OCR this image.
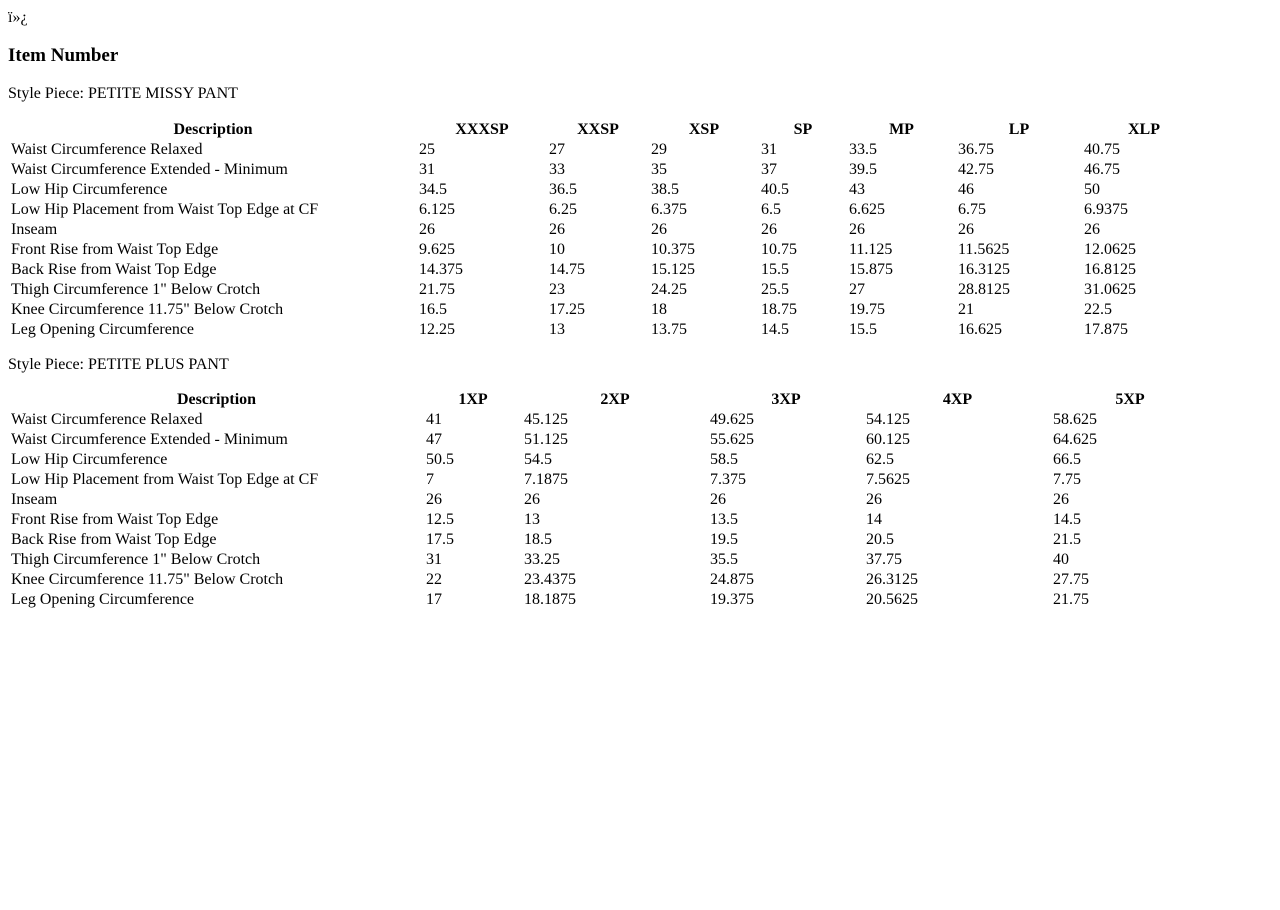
ï»¿
Item Number

Style Piece: PETITE MISSY PANT

Description	XXXSP	XXSP	XSP	SP	MP	LP	XLP
Waist Circumference Relaxed	25	27	29	31	33.5	36.75	40.75
Waist Circumference Extended - Minimum	31	33	35	37	39.5	42.75	46.75
Low Hip Circumference	34.5	36.5	38.5	40.5	43	46	50
Low Hip Placement from Waist Top Edge at CF	6.125	6.25	6.375	6.5	6.625	6.75	6.9375
Inseam	26	26	26	26	26	26	26
Front Rise from Waist Top Edge	9.625	10	10.375	10.75	11.125	11.5625	12.0625
Back Rise from Waist Top Edge	14.375	14.75	15.125	15.5	15.875	16.3125	16.8125
Thigh Circumference 1" Below Crotch	21.75	23	24.25	25.5	27	28.8125	31.0625
Knee Circumference 11.75" Below Crotch	16.5	17.25	18	18.75	19.75	21	22.5
Leg Opening Circumference	12.25	13	13.75	14.5	15.5	16.625	17.875

Style Piece: PETITE PLUS PANT

Description	1XP	2XP	3XP	4XP	5XP
Waist Circumference Relaxed	41	45.125	49.625	54.125	58.625
Waist Circumference Extended - Minimum	47	51.125	55.625	60.125	64.625
Low Hip Circumference	50.5	54.5	58.5	62.5	66.5
Low Hip Placement from Waist Top Edge at CF	7	7.1875	7.375	7.5625	7.75
Inseam	26	26	26	26	26
Front Rise from Waist Top Edge	12.5	13	13.5	14	14.5
Back Rise from Waist Top Edge	17.5	18.5	19.5	20.5	21.5
Thigh Circumference 1" Below Crotch	31	33.25	35.5	37.75	40
Knee Circumference 11.75" Below Crotch	22	23.4375	24.875	26.3125	27.75
Leg Opening Circumference	17	18.1875	19.375	20.5625	21.75
